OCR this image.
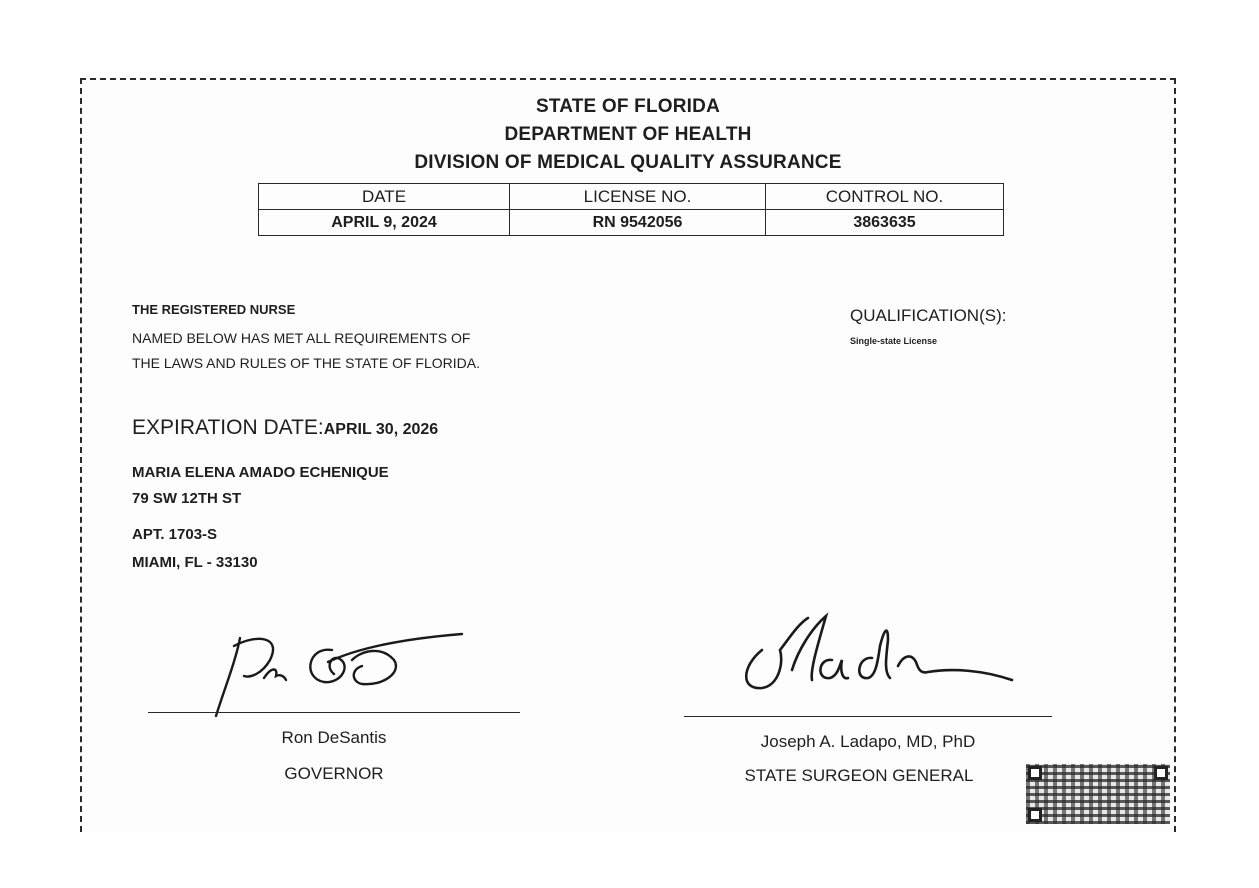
STATE OF FLORIDA
DEPARTMENT OF HEALTH
DIVISION OF MEDICAL QUALITY ASSURANCE
DATE	LICENSE NO.	CONTROL NO.
APRIL 9, 2024	RN 9542056	3863635
THE REGISTERED NURSE
NAMED BELOW HAS MET ALL REQUIREMENTS OF
THE LAWS AND RULES OF THE STATE OF FLORIDA.
QUALIFICATION(S):
Single-state License
EXPIRATION DATE:APRIL 30, 2026
MARIA ELENA AMADO ECHENIQUE
79 SW 12TH ST
APT. 1703-S
MIAMI, FL - 33130
Ron DeSantis
GOVERNOR
Joseph A. Ladapo, MD, PhD
STATE SURGEON GENERAL
